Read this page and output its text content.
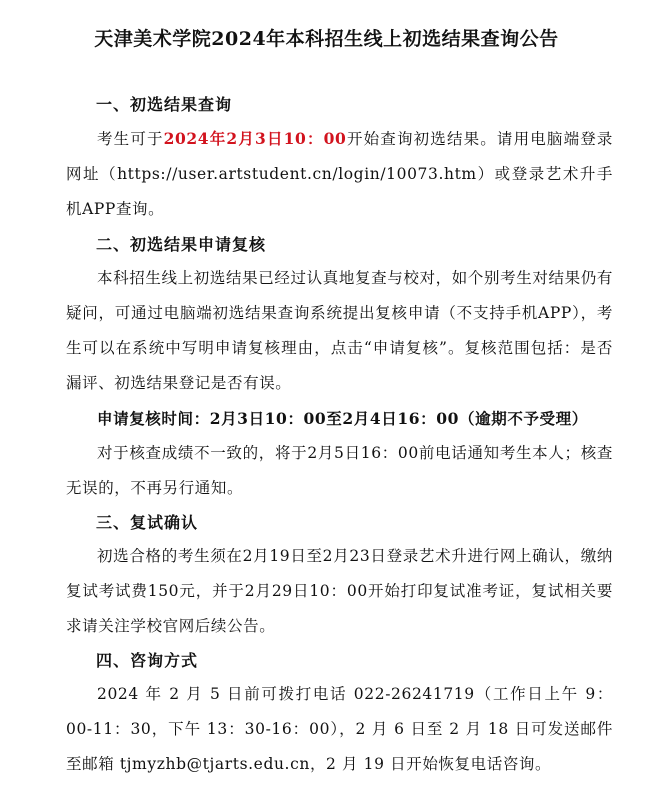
天津美术学院2024年本科招生线上初选结果查询公告

一、初选结果查询

考生可于2024年2月3日10：00开始查询初选结果。请用电脑端登录网址（https://user.artstudent.cn/login/10073.htm）或登录艺术升手机APP查询。

二、初选结果申请复核

本科招生线上初选结果已经过认真地复查与校对，如个别考生对结果仍有疑问，可通过电脑端初选结果查询系统提出复核申请（不支持手机APP），考生可以在系统中写明申请复核理由，点击“申请复核”。复核范围包括：是否漏评、初选结果登记是否有误。

申请复核时间：2月3日10：00至2月4日16：00（逾期不予受理）

对于核查成绩不一致的，将于2月5日16：00前电话通知考生本人；核查无误的，不再另行通知。

三、复试确认

初选合格的考生须在2月19日至2月23日登录艺术升进行网上确认，缴纳复试考试费150元，并于2月29日10：00开始打印复试准考证，复试相关要求请关注学校官网后续公告。

四、咨询方式

2024 年 2 月 5 日前可拨打电话 022-26241719（工作日上午 9：00-11：30，下午 13：30-16：00），2 月 6 日至 2 月 18 日可发送邮件至邮箱 tjmyzhb@tjarts.edu.cn，2 月 19 日开始恢复电话咨询。
